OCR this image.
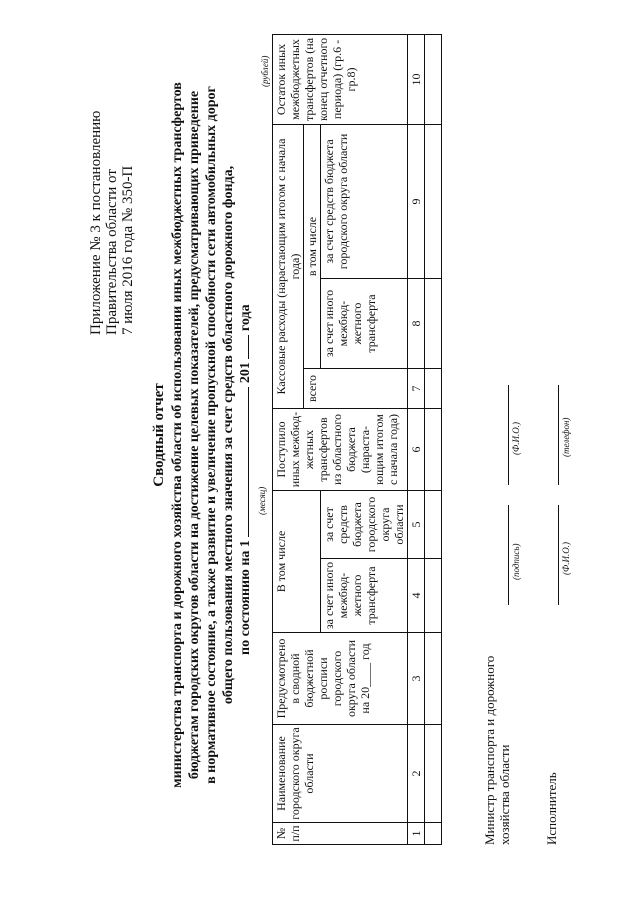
Приложение № 3 к постановлению Правительства области от 7 июля 2016 года № 350-П
Сводный отчет министерства транспорта и дорожного хозяйства области об использовании иных межбюджетных трансфертов бюджетам городских округов области на достижение целевых показателей, предусматривающих приведение в нормативное состояние, а также развитие и увеличение пропускной способности сети автомобильных дорог общего пользования местного значения за счет средств областного дорожного фонда, по состоянию на 1  201  года
(месяц)
(рублей)
№ п/п	Наименование городского округа области	Предусмотрено в сводной бюджетной росписи городского округа области на 20____ год	В том числе		Поступило иных межбюд-жетных трансфертов из областного бюджета (нараста-ющим итогом с начала года)	Кассовые расходы (нарастающим итогом с начала года)			Остаток иных межбюджетных трансфертов (на конец отчетного периода) (гр.6 - гр.8)
						всего	в том числе		
			за счет иного межбюд-жетного трансферта	за счет средств бюджета городского округа области			за счет иного межбюд-жетного трансферта	за счет средств бюджета городского округа области	
1	2	3	4	5	6	7	8	9	10

Министр транспорта и дорожного хозяйства области
(подпись)
(Ф.И.О.)
Исполнитель
(Ф.И.О.)
(телефон)
